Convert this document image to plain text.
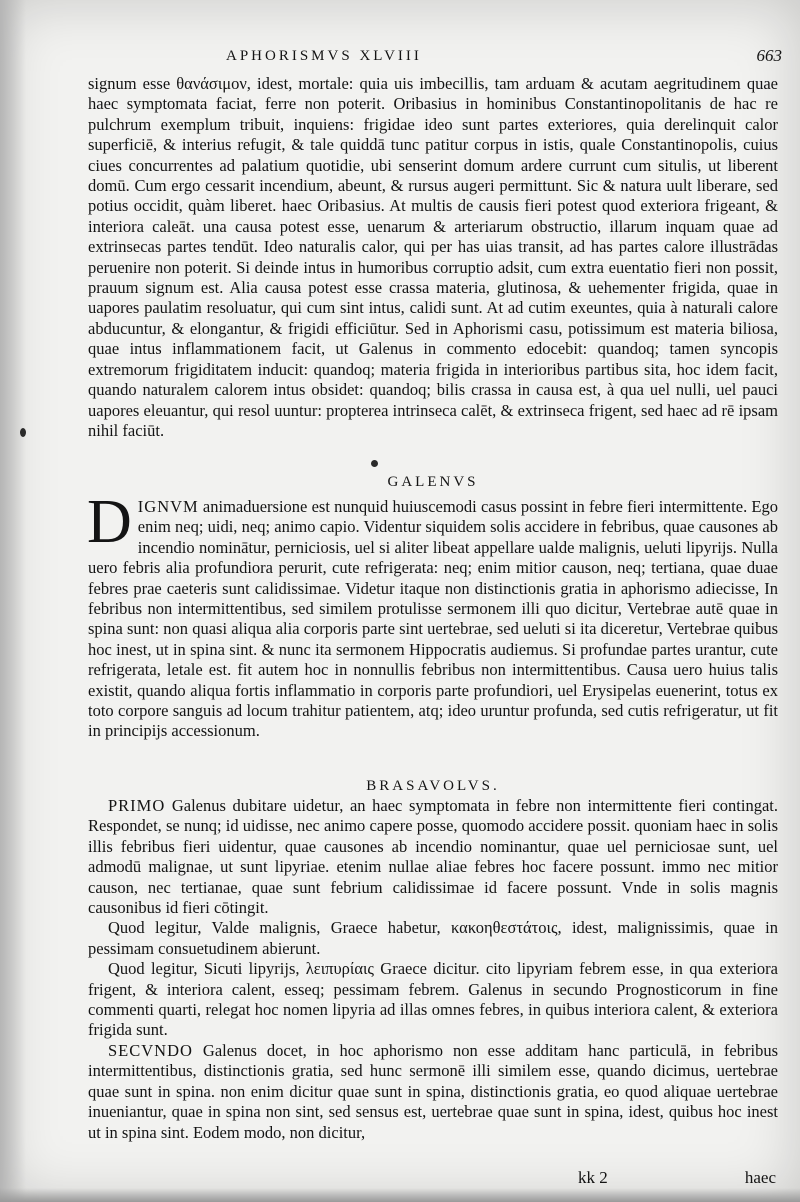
APHORISMVS XLVIII	663

signum esse θανάσιμον, idest, mortale: quia uis imbecillis, tam arduam & acutam aegritudinem quae haec symptomata faciat, ferre non poterit. Oribasius in hominibus Constantinopolitanis de hac re pulchrum exemplum tribuit, inquiens: frigidae ideo sunt partes exteriores, quia derelinquit calor superficiē, & interius refugit, & tale quiddā tunc patitur corpus in istis, quale Constantinopolis, cuius ciues concurrentes ad palatium quotidie, ubi senserint domum ardere currunt cum situlis, ut liberent domū. Cum ergo cessarit incendium, abeunt, & rursus augeri permittunt. Sic & natura uult liberare, sed potius occidit, quàm liberet. haec Oribasius. At multis de causis fieri potest quod exteriora frigeant, & interiora caleāt. una causa potest esse, uenarum & arteriarum obstructio, illarum inquam quae ad extrinsecas partes tendūt. Ideo naturalis calor, qui per has uias transit, ad has partes calore illustrādas peruenire non poterit. Si deinde intus in humoribus corruptio adsit, cum extra euentatio fieri non possit, prauum signum est. Alia causa potest esse crassa materia, glutinosa, & uehementer frigida, quae in uapores paulatim resoluatur, qui cum sint intus, calidi sunt. At ad cutim exeuntes, quia à naturali calore abducuntur, & elongantur, & frigidi efficiūtur. Sed in Aphorismi casu, potissimum est materia biliosa, quae intus inflammationem facit, ut Galenus in commento edocebit: quandoq; tamen syncopis extremorum frigiditatem inducit: quandoq; materia frigida in interioribus partibus sita, hoc idem facit, quando naturalem calorem intus obsidet: quandoq; bilis crassa in causa est, à qua uel nulli, uel pauci uapores eleuantur, qui resol uuntur: propterea intrinseca calēt, & extrinseca frigent, sed haec ad rē ipsam nihil faciūt.

GALENVS
D IGNVM animaduersione est nunquid huiuscemodi casus possint in febre fieri intermittente. Ego enim neq; uidi, neq; animo capio. Videntur siquidem solis accidere in febribus, quae causones ab incendio nominātur, perniciosis, uel si aliter libeat appellare ualde malignis, ueluti lipyrijs. Nulla uero febris alia profundiora perurit, cute refrigerata: neq; enim mitior causon, neq; tertiana, quae duae febres prae caeteris sunt calidissimae. Videtur itaque non distinctionis gratia in aphorismo adiecisse, In febribus non intermittentibus, sed similem protulisse sermonem illi quo dicitur, Vertebrae autē quae in spina sunt: non quasi aliqua alia corporis parte sint uertebrae, sed ueluti si ita diceretur, Vertebrae quibus hoc inest, ut in spina sint. & nunc ita sermonem Hippocratis audiemus. Si profundae partes urantur, cute refrigerata, letale est. fit autem hoc in nonnullis febribus non intermittentibus. Causa uero huius talis existit, quando aliqua fortis inflammatio in corporis parte profundiori, uel Erysipelas euenerint, totus ex toto corpore sanguis ad locum trahitur patientem, atq; ideo uruntur profunda, sed cutis refrigeratur, ut fit in principijs accessionum.

BRASAVOLVS.

PRIMO Galenus dubitare uidetur, an haec symptomata in febre non intermittente fieri contingat. Respondet, se nunq; id uidisse, nec animo capere posse, quomodo accidere possit. quoniam haec in solis illis febribus fieri uidentur, quae causones ab incendio nominantur, quae uel perniciosae sunt, uel admodū malignae, ut sunt lipyriae. etenim nullae aliae febres hoc facere possunt. immo nec mitior causon, nec tertianae, quae sunt febrium calidissimae id facere possunt. Vnde in solis magnis causonibus id fieri cōtingit.

Quod legitur, Valde malignis, Graece habetur, κακοηθεστάτοις, idest, malignissimis, quae in pessimam consuetudinem abierunt.

Quod legitur, Sicuti lipyrijs, λειπυρίαις Graece dicitur. cito lipyriam febrem esse, in qua exteriora frigent, & interiora calent, esseq; pessimam febrem. Galenus in secundo Prognosticorum in fine commenti quarti, relegat hoc nomen lipyria ad illas omnes febres, in quibus interiora calent, & exteriora frigida sunt.

SECVNDO Galenus docet, in hoc aphorismo non esse additam hanc particulā, in febribus intermittentibus, distinctionis gratia, sed hunc sermonē illi similem esse, quando dicimus, uertebrae quae sunt in spina. non enim dicitur quae sunt in spina, distinctionis gratia, eo quod aliquae uertebrae inueniantur, quae in spina non sint, sed sensus est, uertebrae quae sunt in spina, idest, quibus hoc inest ut in spina sint. Eodem modo, non dicitur,

kk 2	haec
